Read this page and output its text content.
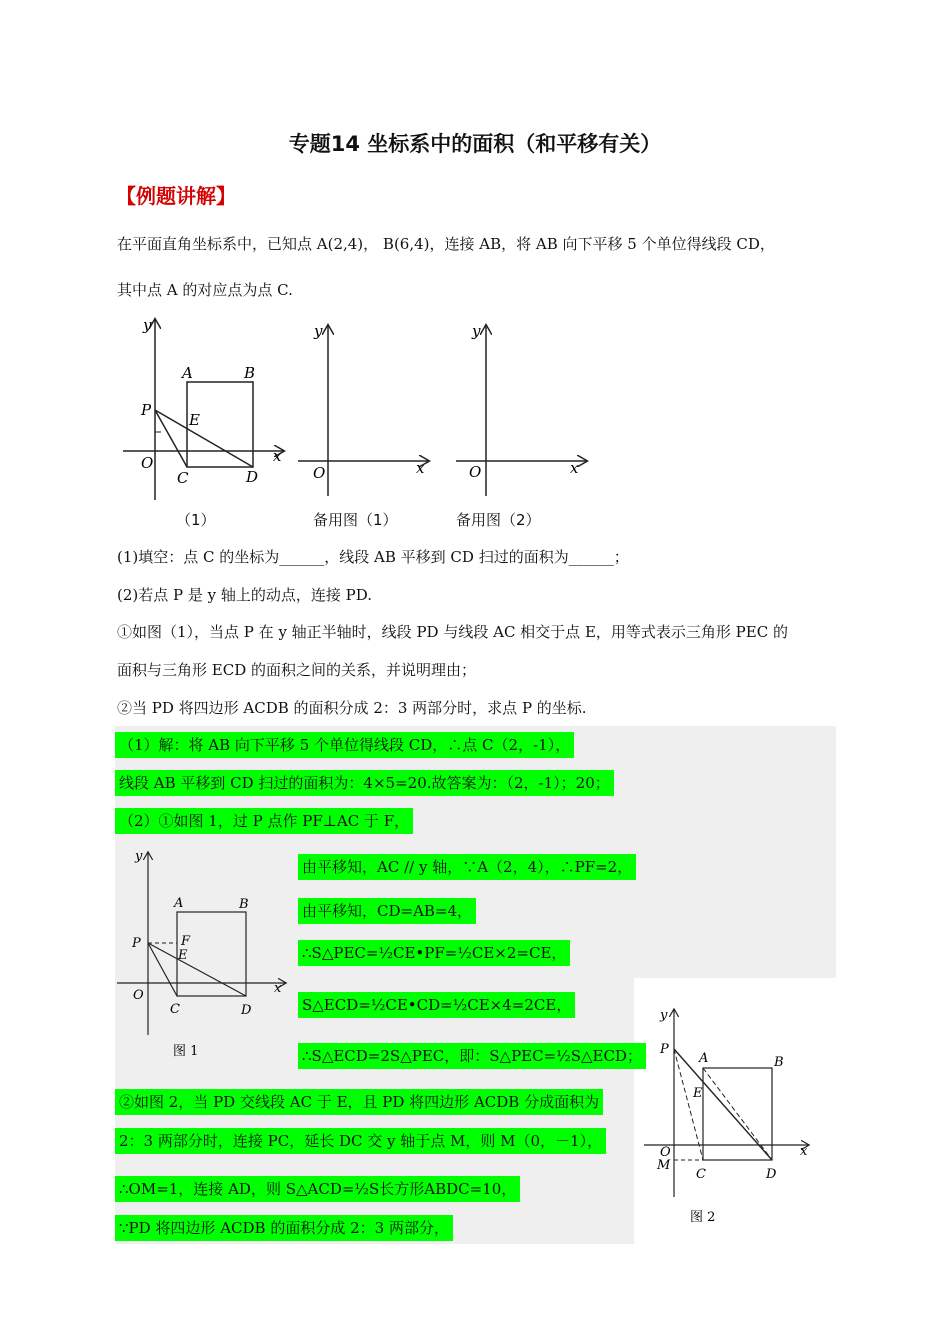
专题14 坐标系中的面积（和平移有关）
【例题讲解】
在平面直角坐标系中，已知点 A(2,4)， B(6,4)，连接 AB，将 AB 向下平移 5 个单位得线段 CD，
其中点 A 的对应点为点 C.
y
x
O
A	B
P
E
C	D
（1）
y
x
O
备用图（1）
y
x
O
备用图（2）
(1)填空：点 C 的坐标为______，线段 AB 平移到 CD 扫过的面积为______；
(2)若点 P 是 y 轴上的动点，连接 PD.
①如图（1），当点 P 在 y 轴正半轴时，线段 PD 与线段 AC 相交于点 E，用等式表示三角形 PEC 的
面积与三角形 ECD 的面积之间的关系，并说明理由；
②当 PD 将四边形 ACDB 的面积分成 2：3 两部分时，求点 P 的坐标.
（1）解：将 AB 向下平移 5 个单位得线段 CD，∴点 C（2，-1），
线段 AB 平移到 CD 扫过的面积为：4×5=20.故答案为：（2，-1）；20；
（2）①如图 1，过 P 点作 PF⊥AC 于 F，
由平移知，AC // y 轴，∵A（2，4），∴PF=2，
由平移知，CD=AB=4，
∴S△PEC=½CE•PF=½CE×2=CE，
S△ECD=½CE•CD=½CE×4=2CE，
∴S△ECD=2S△PEC，即：S△PEC=½S△ECD；
②如图 2，当 PD 交线段 AC 于 E，且 PD 将四边形 ACDB 分成面积为
2：3 两部分时，连接 PC，延长 DC 交 y 轴于点 M，则 M（0，－1），
∴OM=1，连接 AD，则 S△ACD=½S长方形ABDC=10，
∵PD 将四边形 ACDB 的面积分成 2：3 两部分，
y
x
O
A	B
P	F
E
C	D
图 1
y
x
O
M
A	B
P
E
C	D
图 2
